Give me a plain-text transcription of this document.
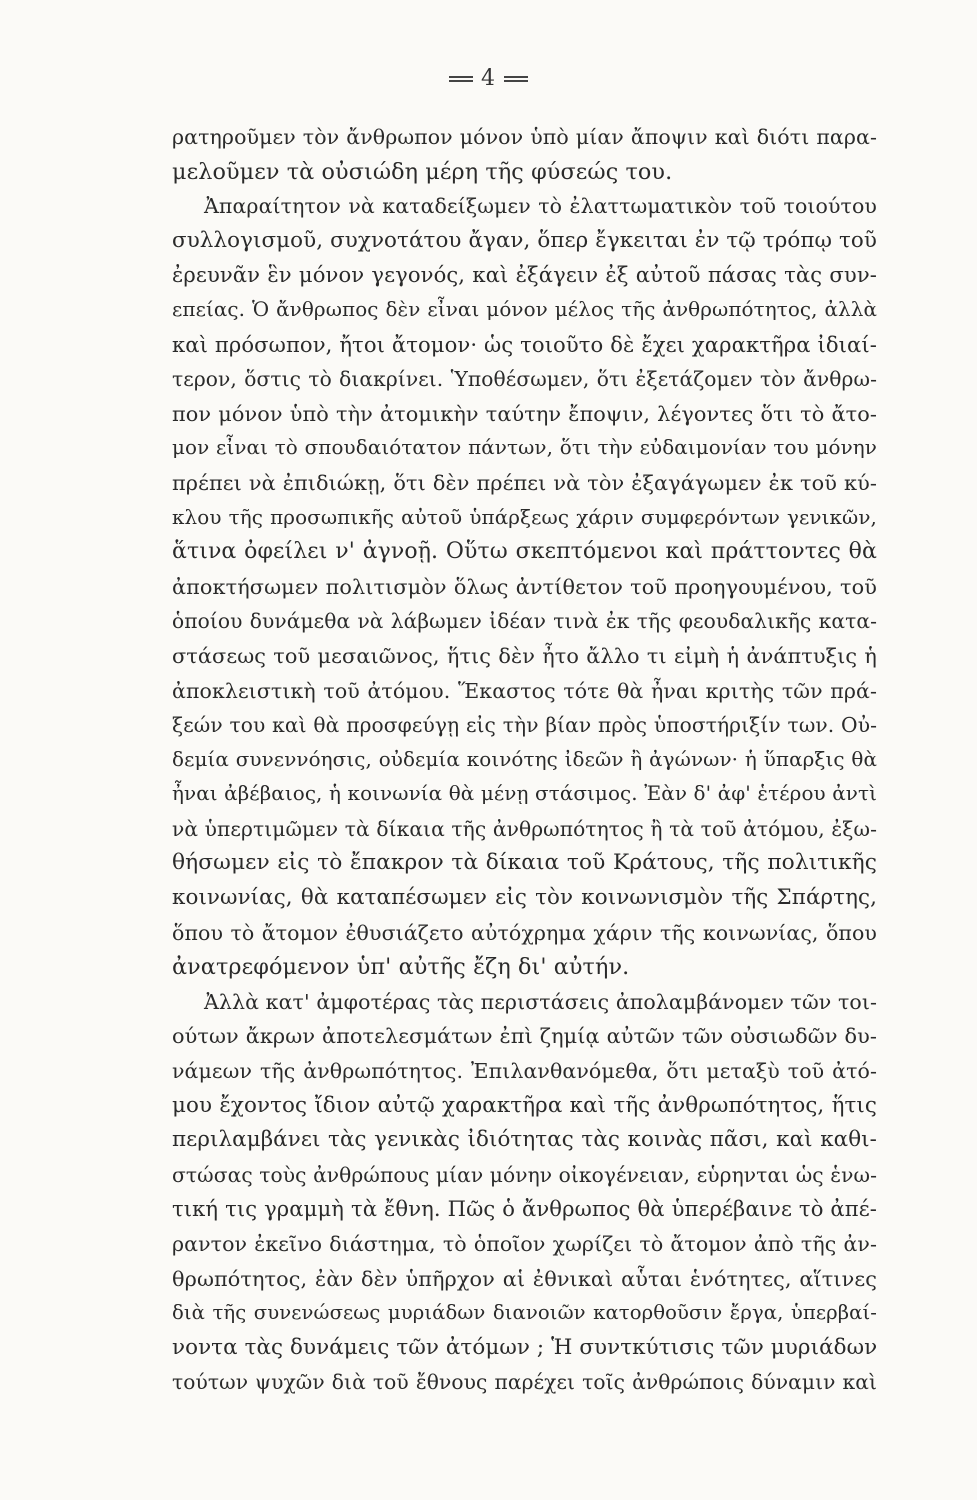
4
ρατηροῦμεν τὸν ἄνθρωπον μόνον ὑπὸ μίαν ἄποψιν καὶ διότι παρα-
μελοῦμεν τὰ οὐσιώδη μέρη τῆς φύσεώς του.
Ἀπαραίτητον νὰ καταδείξωμεν τὸ ἐλαττωματικὸν τοῦ τοιούτου
συλλογισμοῦ, συχνοτάτου ἄγαν, ὅπερ ἔγκειται ἐν τῷ τρόπῳ τοῦ
ἐρευνᾶν ἓν μόνον γεγονός, καὶ ἐξάγειν ἐξ αὐτοῦ πάσας τὰς συν-
επείας. Ὁ ἄνθρωπος δὲν εἶναι μόνον μέλος τῆς ἀνθρωπότητος, ἀλλὰ
καὶ πρόσωπον, ἤτοι ἄτομον· ὡς τοιοῦτο δὲ ἔχει χαρακτῆρα ἰδιαί-
τερον, ὅστις τὸ διακρίνει. Ὑποθέσωμεν, ὅτι ἐξετάζομεν τὸν ἄνθρω-
πον μόνον ὑπὸ τὴν ἀτομικὴν ταύτην ἔποψιν, λέγοντες ὅτι τὸ ἄτο-
μον εἶναι τὸ σπουδαιότατον πάντων, ὅτι τὴν εὐδαιμονίαν του μόνην
πρέπει νὰ ἐπιδιώκῃ, ὅτι δὲν πρέπει νὰ τὸν ἐξαγάγωμεν ἐκ τοῦ κύ-
κλου τῆς προσωπικῆς αὐτοῦ ὑπάρξεως χάριν συμφερόντων γενικῶν,
ἅτινα ὀφείλει ν' ἀγνοῇ. Οὕτω σκεπτόμενοι καὶ πράττοντες θὰ
ἀποκτήσωμεν πολιτισμὸν ὅλως ἀντίθετον τοῦ προηγουμένου, τοῦ
ὁποίου δυνάμεθα νὰ λάβωμεν ἰδέαν τινὰ ἐκ τῆς φεουδαλικῆς κατα-
στάσεως τοῦ μεσαιῶνος, ἥτις δὲν ἦτο ἄλλο τι εἰμὴ ἡ ἀνάπτυξις ἡ
ἀποκλειστικὴ τοῦ ἀτόμου. Ἕκαστος τότε θὰ ἦναι κριτὴς τῶν πρά-
ξεών του καὶ θὰ προσφεύγῃ εἰς τὴν βίαν πρὸς ὑποστήριξίν των. Οὐ-
δεμία συνεννόησις, οὐδεμία κοινότης ἰδεῶν ἢ ἀγώνων· ἡ ὕπαρξις θὰ
ἦναι ἀβέβαιος, ἡ κοινωνία θὰ μένῃ στάσιμος. Ἐὰν δ' ἀφ' ἑτέρου ἀντὶ
νὰ ὑπερτιμῶμεν τὰ δίκαια τῆς ἀνθρωπότητος ἢ τὰ τοῦ ἀτόμου, ἐξω-
θήσωμεν εἰς τὸ ἔπακρον τὰ δίκαια τοῦ Κράτους, τῆς πολιτικῆς
κοινωνίας, θὰ καταπέσωμεν εἰς τὸν κοινωνισμὸν τῆς Σπάρτης,
ὅπου τὸ ἄτομον ἐθυσιάζετο αὐτόχρημα χάριν τῆς κοινωνίας, ὅπου
ἀνατρεφόμενον ὑπ' αὐτῆς ἔζη δι' αὐτήν.
Ἀλλὰ κατ' ἀμφοτέρας τὰς περιστάσεις ἀπολαμβάνομεν τῶν τοι-
ούτων ἄκρων ἀποτελεσμάτων ἐπὶ ζημίᾳ αὐτῶν τῶν οὐσιωδῶν δυ-
νάμεων τῆς ἀνθρωπότητος. Ἐπιλανθανόμεθα, ὅτι μεταξὺ τοῦ ἀτό-
μου ἔχοντος ἴδιον αὐτῷ χαρακτῆρα καὶ τῆς ἀνθρωπότητος, ἥτις
περιλαμβάνει τὰς γενικὰς ἰδιότητας τὰς κοινὰς πᾶσι, καὶ καθι-
στώσας τοὺς ἀνθρώπους μίαν μόνην οἰκογένειαν, εὑρηνται ὡς ἑνω-
τική τις γραμμὴ τὰ ἔθνη. Πῶς ὁ ἄνθρωπος θὰ ὑπερέβαινε τὸ ἀπέ-
ραντον ἐκεῖνο διάστημα, τὸ ὁποῖον χωρίζει τὸ ἄτομον ἀπὸ τῆς ἀν-
θρωπότητος, ἐὰν δὲν ὑπῆρχον αἱ ἐθνικαὶ αὗται ἑνότητες, αἵτινες
διὰ τῆς συνενώσεως μυριάδων διανοιῶν κατορθοῦσιν ἔργα, ὑπερβαί-
νοντα τὰς δυνάμεις τῶν ἀτόμων ; Ἡ συντκύτισις τῶν μυριάδων
τούτων ψυχῶν διὰ τοῦ ἔθνους παρέχει τοῖς ἀνθρώποις δύναμιν καὶ
